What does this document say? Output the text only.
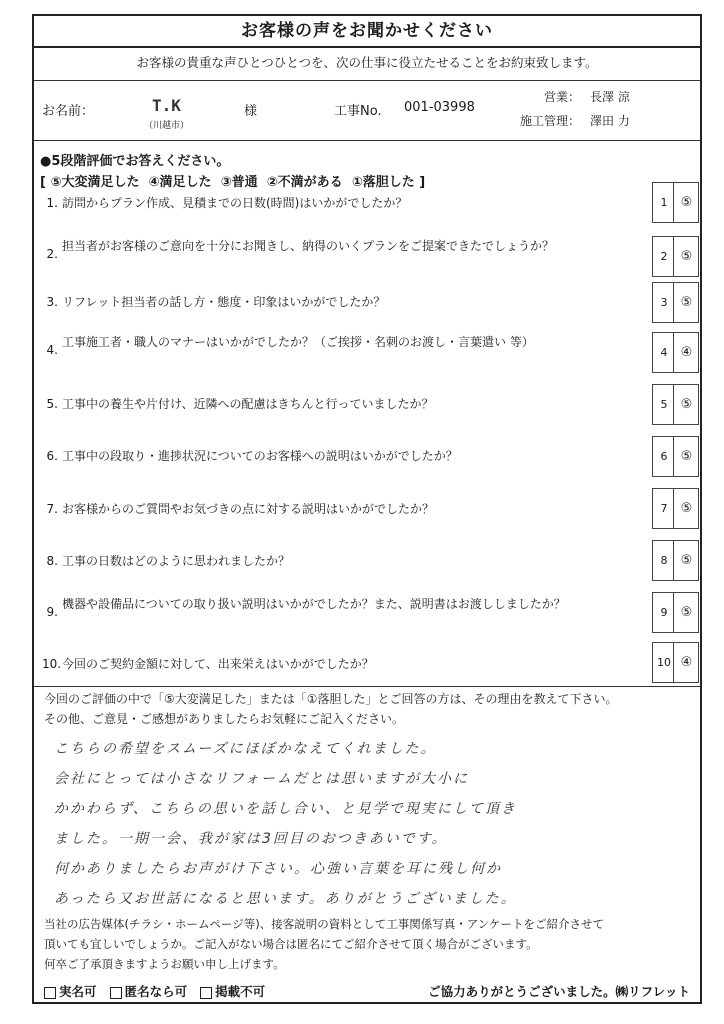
お客様の声をお聞かせください
お客様の貴重な声ひとつひとつを、次の仕事に役立たせることをお約束致します。
お名前：	T.K
（川越市）
様	工事No. 001-03998
営業： 長澤 涼
施工管理： 澤田 力
●5段階評価でお答えください。
[ ⑤大変満足した  ④満足した  ③普通  ②不満がある  ①落胆した ]
1. 訪問からプラン作成、見積までの日数(時間)はいかがでしたか？	1	⑤
2.
担当者がお客様のご意向を十分にお聞きし、納得のいくプランをご提案できたでしょうか？
2	⑤
3. リフレット担当者の話し方・態度・印象はいかがでしたか？	3	⑤
4.
工事施工者・職人のマナーはいかがでしたか？（ご挨拶・名刺のお渡し・言葉遣い 等）
4	④
5. 工事中の養生や片付け、近隣への配慮はきちんと行っていましたか？	5	⑤
6. 工事中の段取り・進捗状況についてのお客様への説明はいかがでしたか？	6	⑤
7. お客様からのご質問やお気づきの点に対する説明はいかがでしたか？	7	⑤
8. 工事の日数はどのように思われましたか？	8	⑤
9.
機器や設備品についての取り扱い説明はいかがでしたか？また、説明書はお渡ししましたか？
9	⑤
10. 今回のご契約金額に対して、出来栄えはいかがでしたか？	10 ④
今回のご評価の中で「⑤大変満足した」または「①落胆した」とご回答の方は、その理由を教えて下さい。
その他、ご意見・ご感想がありましたらお気軽にご記入ください。
こちらの希望をスムーズにほぼかなえてくれました。
会社にとっては小さなリフォームだとは思いますが大小に
かかわらず、こちらの思いを話し合い、と見学で現実にして頂き
ました。一期一会、我が家は3回目のおつきあいです。
何かありましたらお声がけ下さい。心強い言葉を耳に残し何か
あったら又お世話になると思います。ありがとうございました。
当社の広告媒体(チラシ・ホームページ等)、接客説明の資料として工事関係写真・アンケートをご紹介させて
頂いても宜しいでしょうか。ご記入がない場合は匿名にてご紹介させて頂く場合がございます。
何卒ご了承頂きますようお願い申し上げます。
実名可 匿名なら可 掲載不可	ご協力ありがとうございました。㈱リフレット
